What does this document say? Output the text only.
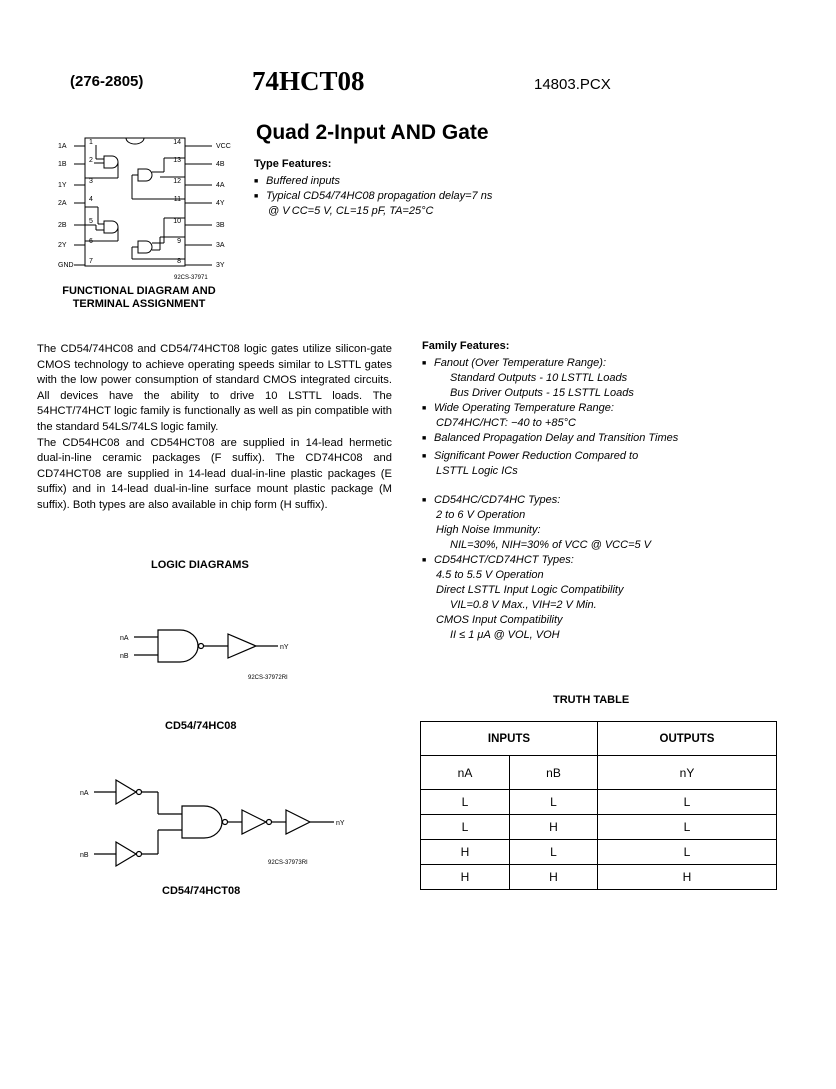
(276-2805)	74HCT08	14803.PCX
Quad 2-Input AND Gate
Type Features:
■ Buffered inputs
■ Typical CD54/74HC08 propagation delay=7 ns
@ V CC=5 V, CL=15 pF, TA=25°C
1A
1
VCC
14
1B
2
4B
13
1Y
3
4A
12
2A
4
4Y
11
2B
5
3B
10
2Y
6
3A
9
GND
7
3Y
8
92CS-37971
FUNCTIONAL DIAGRAM AND
TERMINAL ASSIGNMENT
The CD54/74HC08 and CD54/74HCT08 logic gates utilize silicon-gate CMOS technology to achieve operating speeds similar to LSTTL gates with the low power consumption of standard CMOS integrated circuits. All devices have the ability to drive 10 LSTTL loads. The 54HCT/74HCT logic family is functionally as well as pin compatible with the standard 54LS/74LS logic family.
The CD54HC08 and CD54HCT08 are supplied in 14-lead hermetic dual-in-line ceramic packages (F suffix). The CD74HC08 and CD74HCT08 are supplied in 14-lead dual-in-line plastic packages (E suffix) and in 14-lead dual-in-line surface mount plastic package (M suffix). Both types are also available in chip form (H suffix).
Family Features:
■ Fanout (Over Temperature Range):
Standard Outputs - 10 LSTTL Loads
Bus Driver Outputs - 15 LSTTL Loads
■ Wide Operating Temperature Range:
CD74HC/HCT: −40 to +85°C
■ Balanced Propagation Delay and Transition Times
■ Significant Power Reduction Compared to
LSTTL Logic ICs
■ CD54HC/CD74HC Types:
2 to 6 V Operation
High Noise Immunity:
NIL=30%, NIH=30% of VCC @ VCC=5 V
■ CD54HCT/CD74HCT Types:
4.5 to 5.5 V Operation
Direct LSTTL Input Logic Compatibility
VIL=0.8 V Max., VIH=2 V Min.
CMOS Input Compatibility
II ≤ 1 μA @ VOL, VOH
LOGIC DIAGRAMS
nA
nB
nY
92CS-37972RI
CD54/74HC08
nA
nB
nY
92CS-37973RI
CD54/74HCT08
TRUTH TABLE
INPUTS		OUTPUTS
nA	nB	nY
L	L	L
L	H	L
H	L	L
H	H	H
